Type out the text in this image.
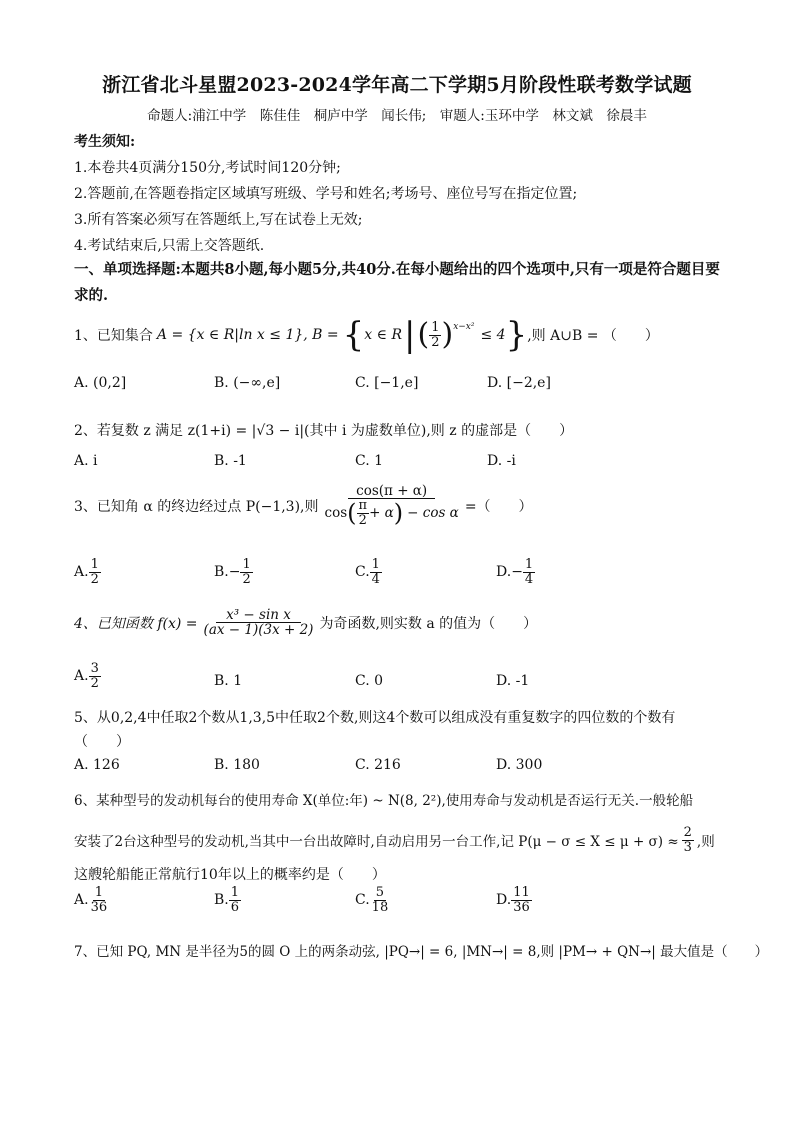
浙江省北斗星盟2023-2024学年高二下学期5月阶段性联考数学试题
命题人:浦江中学　陈佳佳　桐庐中学　闻长伟;　审题人:玉环中学　林文斌　徐晨丰
考生须知:
1.本卷共4页满分150分,考试时间120分钟;
2.答题前,在答题卷指定区域填写班级、学号和姓名;考场号、座位号写在指定位置;
3.所有答案必须写在答题纸上,写在试卷上无效;
4.考试结束后,只需上交答题纸.
一、单项选择题:本题共8小题,每小题5分,共40分.在每小题给出的四个选项中,只有一项是符合题目要求的.
1、已知集合 A = {x ∈ R|ln x ≤ 1}, B = { x ∈ R | ( $\frac{1}{2}$ ) x−x² ≤ 4 } ,则 A∪B = （　　）
A. (0,2]	B. (−∞,e]	C. [−1,e]	D. [−2,e]
2、若复数 z 满足 z(1+i) = |√3 − i|(其中 i 为虚数单位),则 z 的虚部是（　　）
A. i	B. -1	C. 1	D. -i
3、已知角 α 的终边经过点 P(−1,3),则
cos(π + α)
cos ( $\frac{\pi}{2} + \alpha$ ) − cos α =（　　）
A. $\frac{1}{2}$	B. − $\frac{1}{2}$	C. $\frac{1}{4}$	D. − $\frac{1}{4}$
4、已知函数 $f(x) = \frac{\text{x³ − sin x}}{(ax - 1)(3x + 2)}$ 为奇函数,则实数 a 的值为（　　）
A. $\frac{3}{2}$	B. 1	C. 0	D. -1
5、从0,2,4中任取2个数从1,3,5中任取2个数,则这4个数可以组成没有重复数字的四位数的个数有
（　　）
A. 126	B. 180	C. 216	D. 300
6、某种型号的发动机每台的使用寿命 X(单位:年) ~ N(8, 2²),使用寿命与发动机是否运行无关.一般轮船
安装了2台这种型号的发动机,当其中一台出故障时,自动启用另一台工作,记 $P(\mu - \sigma \le X \le \mu + \sigma) \approx \frac{2}{3}$ ,则
这艘轮船能正常航行10年以上的概率约是（　　）
A. $\frac{1}{36}$	B. $\frac{1}{6}$	C. $\frac{5}{18}$	D. $\frac{11}{36}$
7、已知 PQ, MN 是半径为5的圆 O 上的两条动弦, |PQ→| = 6, |MN→| = 8,则 |PM→ + QN→| 最大值是（　　）
